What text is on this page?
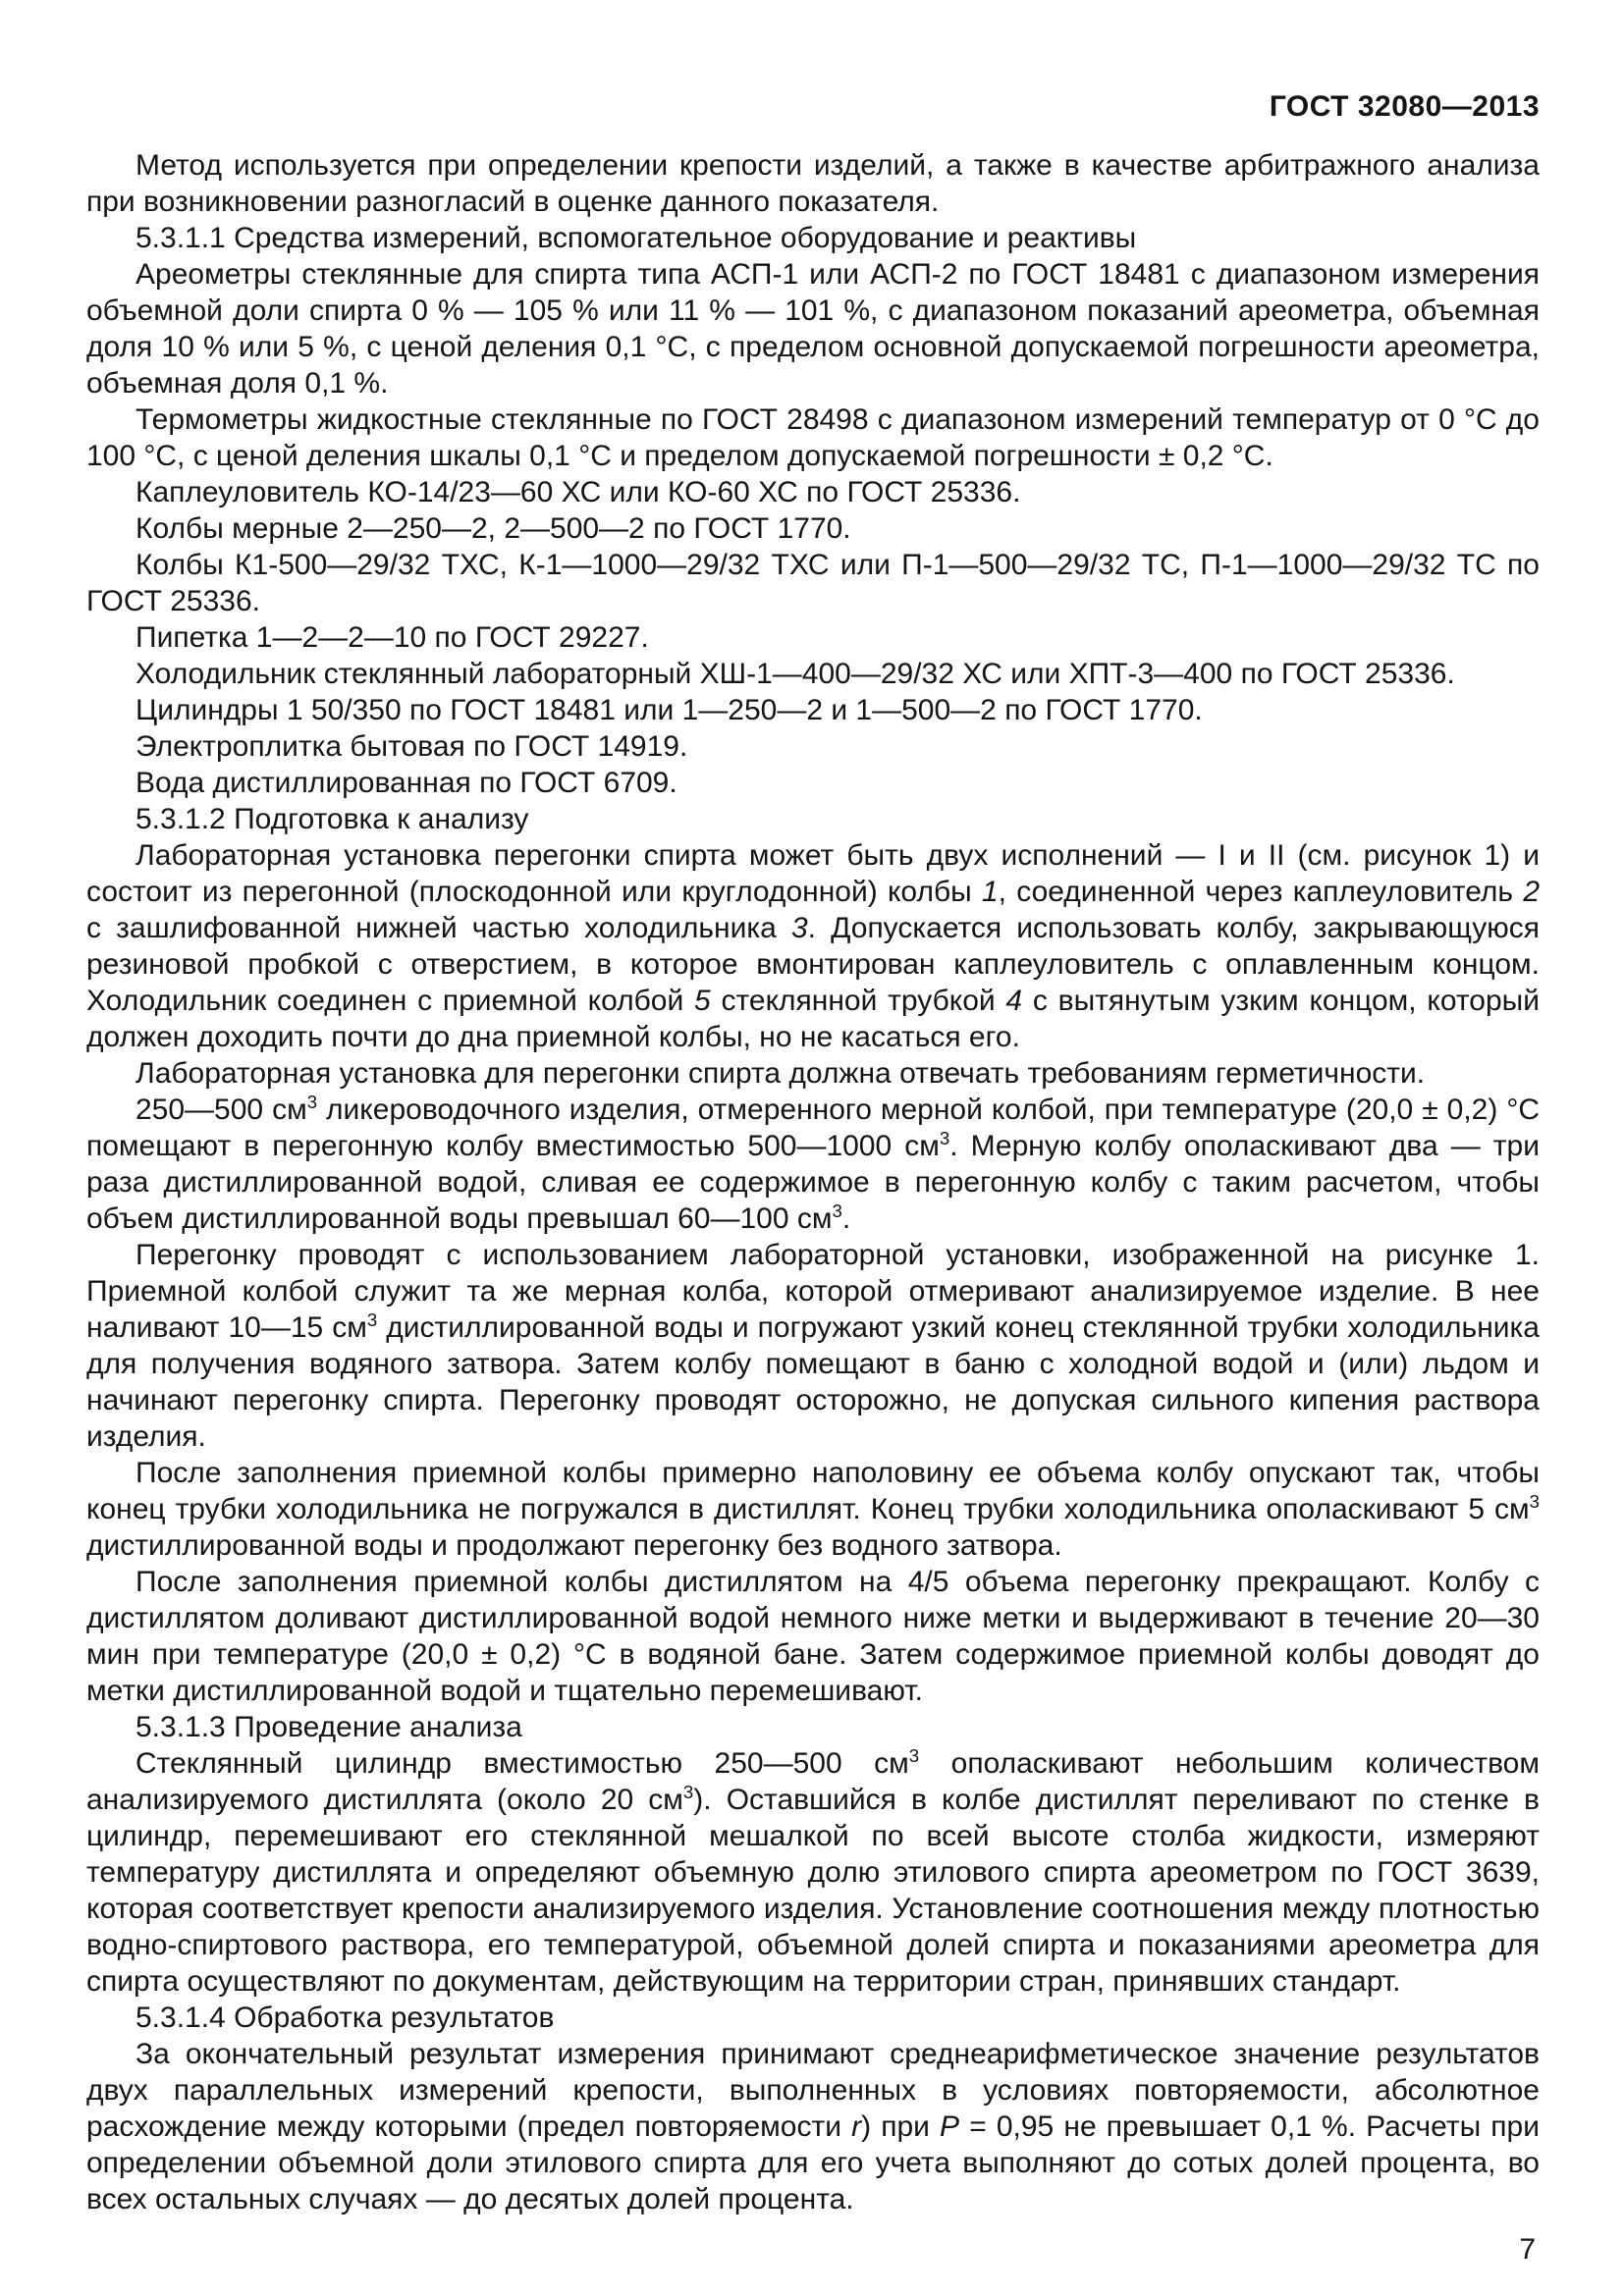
ГОСТ 32080—2013

Метод используется при определении крепости изделий, а также в качестве арбитражного анализа при возникновении разногласий в оценке данного показателя.

5.3.1.1 Средства измерений, вспомогательное оборудование и реактивы

Ареометры стеклянные для спирта типа АСП-1 или АСП-2 по ГОСТ 18481 с диапазоном измерения объемной доли спирта 0 % — 105 % или 11 % — 101 %, с диапазоном показаний ареометра, объемная доля 10 % или 5 %, с ценой деления 0,1 °С, с пределом основной допускаемой погрешности ареометра, объемная доля 0,1 %.

Термометры жидкостные стеклянные по ГОСТ 28498 с диапазоном измерений температур от 0 °С до 100 °С, с ценой деления шкалы 0,1 °С и пределом допускаемой погрешности ± 0,2 °С.

Каплеуловитель КО-14/23—60 ХС или КО-60 ХС по ГОСТ 25336.

Колбы мерные 2—250—2, 2—500—2 по ГОСТ 1770.

Колбы К1-500—29/32 ТХС, К-1—1000—29/32 ТХС или П-1—500—29/32 ТС, П-1—1000—29/32 ТС по ГОСТ 25336.

Пипетка 1—2—2—10 по ГОСТ 29227.

Холодильник стеклянный лабораторный ХШ-1—400—29/32 ХС или ХПТ-3—400 по ГОСТ 25336.

Цилиндры 1 50/350 по ГОСТ 18481 или 1—250—2 и 1—500—2 по ГОСТ 1770.

Электроплитка бытовая по ГОСТ 14919.

Вода дистиллированная по ГОСТ 6709.

5.3.1.2 Подготовка к анализу

Лабораторная установка перегонки спирта может быть двух исполнений — I и II (см. рисунок 1) и состоит из перегонной (плоскодонной или круглодонной) колбы 1, соединенной через каплеуловитель 2 с зашлифованной нижней частью холодильника 3. Допускается использовать колбу, закрывающуюся резиновой пробкой с отверстием, в которое вмонтирован каплеуловитель с оплавленным концом. Холодильник соединен с приемной колбой 5 стеклянной трубкой 4 с вытянутым узким концом, который должен доходить почти до дна приемной колбы, но не касаться его.

Лабораторная установка для перегонки спирта должна отвечать требованиям герметичности.

250—500 $см^3$ ликероводочного изделия, отмеренного мерной колбой, при температуре (20,0 ± 0,2) °С помещают в перегонную колбу вместимостью 500—1000 $см^3$. Мерную колбу ополаскивают два — три раза дистиллированной водой, сливая ее содержимое в перегонную колбу с таким расчетом, чтобы объем дистиллированной воды превышал 60—100 $см^3$.

Перегонку проводят с использованием лабораторной установки, изображенной на рисунке 1. Приемной колбой служит та же мерная колба, которой отмеривают анализируемое изделие. В нее наливают 10—15 $см^3$ дистиллированной воды и погружают узкий конец стеклянной трубки холодильника для получения водяного затвора. Затем колбу помещают в баню с холодной водой и (или) льдом и начинают перегонку спирта. Перегонку проводят осторожно, не допуская сильного кипения раствора изделия.

После заполнения приемной колбы примерно наполовину ее объема колбу опускают так, чтобы конец трубки холодильника не погружался в дистиллят. Конец трубки холодильника ополаскивают 5 $см^3$ дистиллированной воды и продолжают перегонку без водного затвора.

После заполнения приемной колбы дистиллятом на 4/5 объема перегонку прекращают. Колбу с дистиллятом доливают дистиллированной водой немного ниже метки и выдерживают в течение 20—30 мин при температуре (20,0 ± 0,2) °С в водяной бане. Затем содержимое приемной колбы доводят до метки дистиллированной водой и тщательно перемешивают.

5.3.1.3 Проведение анализа

Стеклянный цилиндр вместимостью 250—500 $см^3$ ополаскивают небольшим количеством анализируемого дистиллята (около 20 $см^3$). Оставшийся в колбе дистиллят переливают по стенке в цилиндр, перемешивают его стеклянной мешалкой по всей высоте столба жидкости, измеряют температуру дистиллята и определяют объемную долю этилового спирта ареометром по ГОСТ 3639, которая соответствует крепости анализируемого изделия. Установление соотношения между плотностью водно-спиртового раствора, его температурой, объемной долей спирта и показаниями ареометра для спирта осуществляют по документам, действующим на территории стран, принявших стандарт.

5.3.1.4 Обработка результатов

За окончательный результат измерения принимают среднеарифметическое значение результатов двух параллельных измерений крепости, выполненных в условиях повторяемости, абсолютное расхождение между которыми (предел повторяемости r) при P = 0,95 не превышает 0,1 %. Расчеты при определении объемной доли этилового спирта для его учета выполняют до сотых долей процента, во всех остальных случаях — до десятых долей процента.

7
